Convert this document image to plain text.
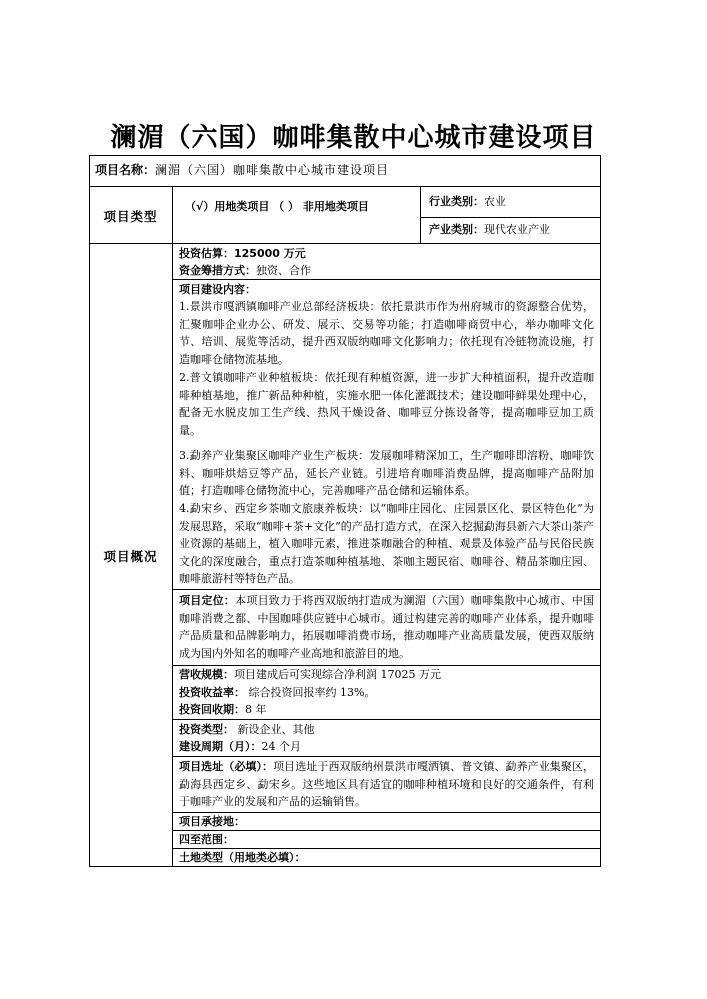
澜湄（六国）咖啡集散中心城市建设项目
项目名称：澜湄（六国）咖啡集散中心城市建设项目
项目类型
（√）用地类项目 （ ） 非用地类项目	行业类别：农业
产业类别：现代农业产业
项目概况
投资估算：125000 万元
资金筹措方式：独资、合作
项目建设内容：
1.景洪市嘎洒镇咖啡产业总部经济板块：依托景洪市作为州府城市的资源整合优势，汇聚咖啡企业办公、研发、展示、交易等功能；打造咖啡商贸中心，举办咖啡文化节、培训、展览等活动，提升西双版纳咖啡文化影响力；依托现有冷链物流设施，打造咖啡仓储物流基地。
2.普文镇咖啡产业种植板块：依托现有种植资源，进一步扩大种植面积，提升改造咖啡种植基地，推广新品种种植，实施水肥一体化灌溉技术；建设咖啡鲜果处理中心，配备无水脱皮加工生产线、热风干燥设备、咖啡豆分拣设备等，提高咖啡豆加工质量。
3.勐养产业集聚区咖啡产业生产板块：发展咖啡精深加工，生产咖啡即溶粉、咖啡饮料、咖啡烘焙豆等产品，延长产业链。引进培育咖啡消费品牌，提高咖啡产品附加值；打造咖啡仓储物流中心，完善咖啡产品仓储和运输体系。
4.勐宋乡、西定乡茶咖文旅康养板块：以“咖啡庄园化、庄园景区化、景区特色化”为发展思路，采取“咖啡+茶+文化”的产品打造方式，在深入挖掘勐海县新六大茶山茶产业资源的基础上，植入咖啡元素，推进茶咖融合的种植、观景及体验产品与民俗民族文化的深度融合，重点打造茶咖种植基地、茶咖主题民宿、咖啡谷、精品茶咖庄园、咖啡旅游村等特色产品。
项目定位：本项目致力于将西双版纳打造成为澜湄（六国）咖啡集散中心城市、中国咖啡消费之都、中国咖啡供应链中心城市。通过构建完善的咖啡产业体系，提升咖啡产品质量和品牌影响力，拓展咖啡消费市场，推动咖啡产业高质量发展，使西双版纳成为国内外知名的咖啡产业高地和旅游目的地。
营收规模：项目建成后可实现综合净利润 17025 万元
投资收益率： 综合投资回报率约 13%。
投资回收期：8 年
投资类型： 新设企业、其他
建设周期（月）：24 个月
项目选址（必填）：项目选址于西双版纳州景洪市嘎洒镇、普文镇、勐养产业集聚区，勐海县西定乡、勐宋乡。这些地区具有适宜的咖啡种植环境和良好的交通条件，有利于咖啡产业的发展和产品的运输销售。
项目承接地：
四至范围：
土地类型（用地类必填）：
